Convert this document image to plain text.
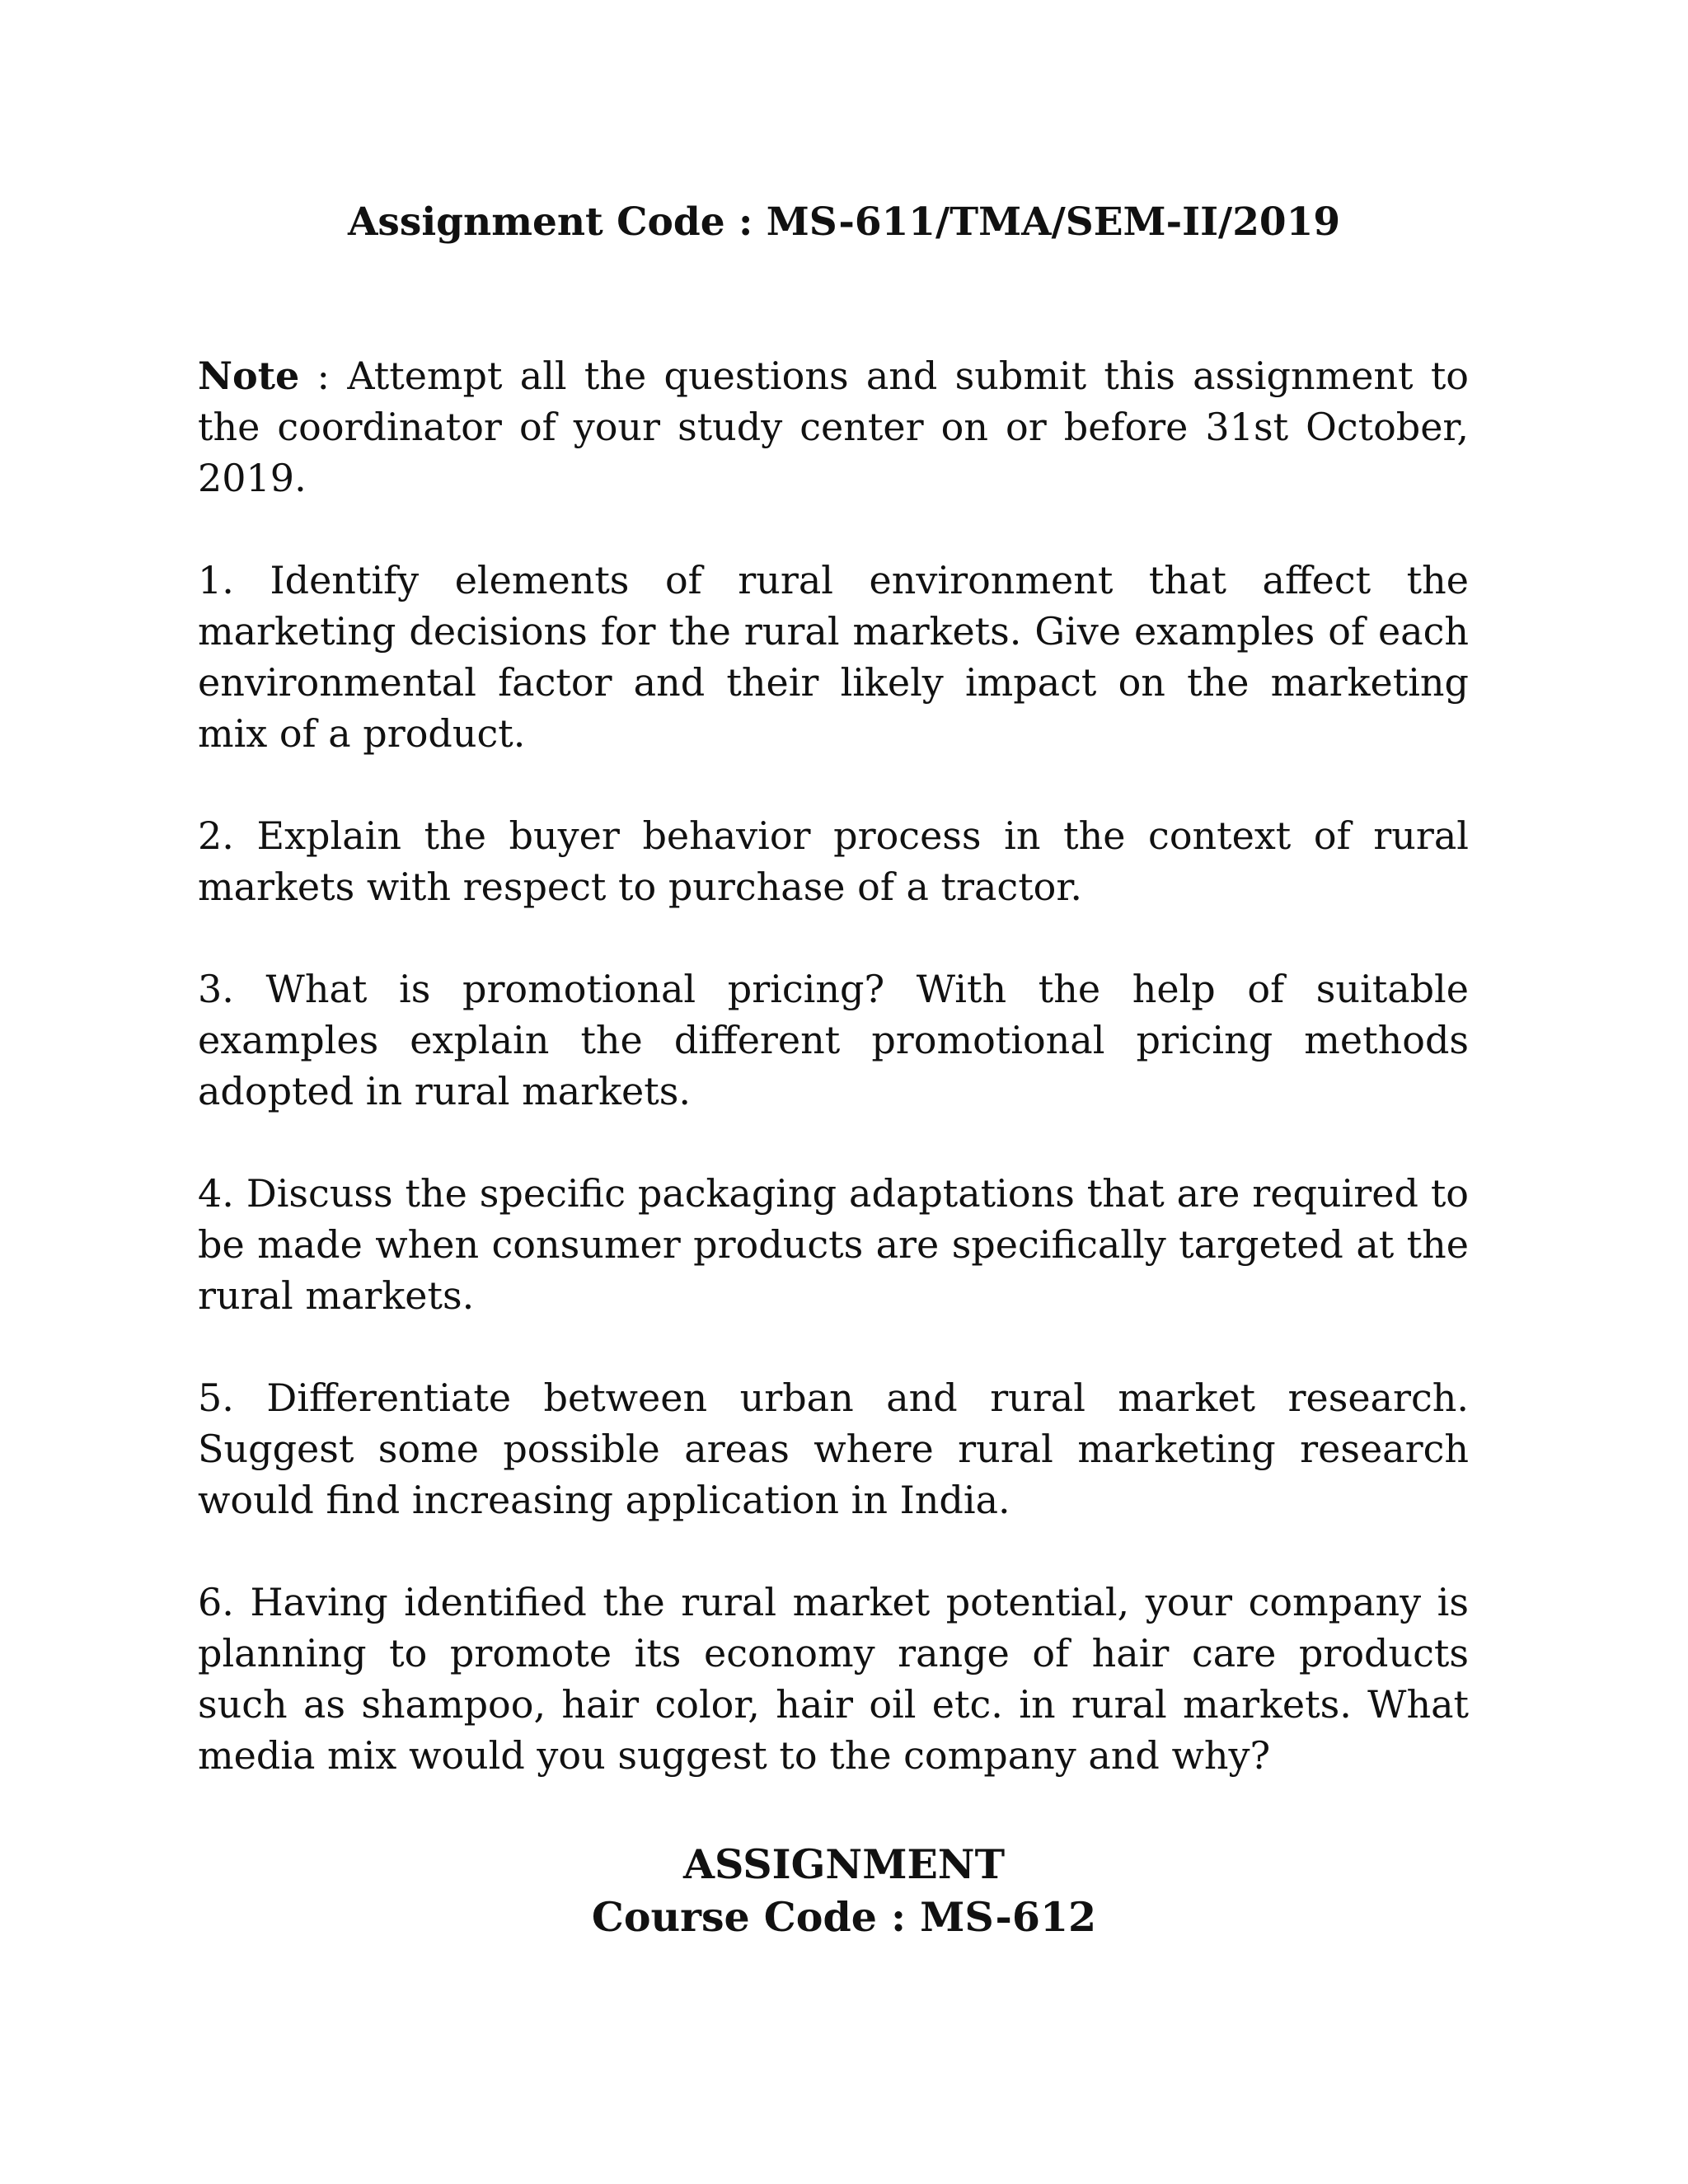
Assignment Code : MS-611/TMA/SEM-II/2019

Note : Attempt all the questions and submit this assignment to the coordinator of your study center on or before 31st October, 2019.

1. Identify elements of rural environment that affect the marketing decisions for the rural markets. Give examples of each environmental factor and their likely impact on the marketing mix of a product.

2. Explain the buyer behavior process in the context of rural markets with respect to purchase of a tractor.

3. What is promotional pricing? With the help of suitable examples explain the different promotional pricing methods adopted in rural markets.

4. Discuss the specific packaging adaptations that are required to be made when consumer products are specifically targeted at the rural markets.

5. Differentiate between urban and rural market research. Suggest some possible areas where rural marketing research would find increasing application in India.

6. Having identified the rural market potential, your company is planning to promote its economy range of hair care products such as shampoo, hair color, hair oil etc. in rural markets. What media mix would you suggest to the company and why?

ASSIGNMENT
Course Code : MS-612
